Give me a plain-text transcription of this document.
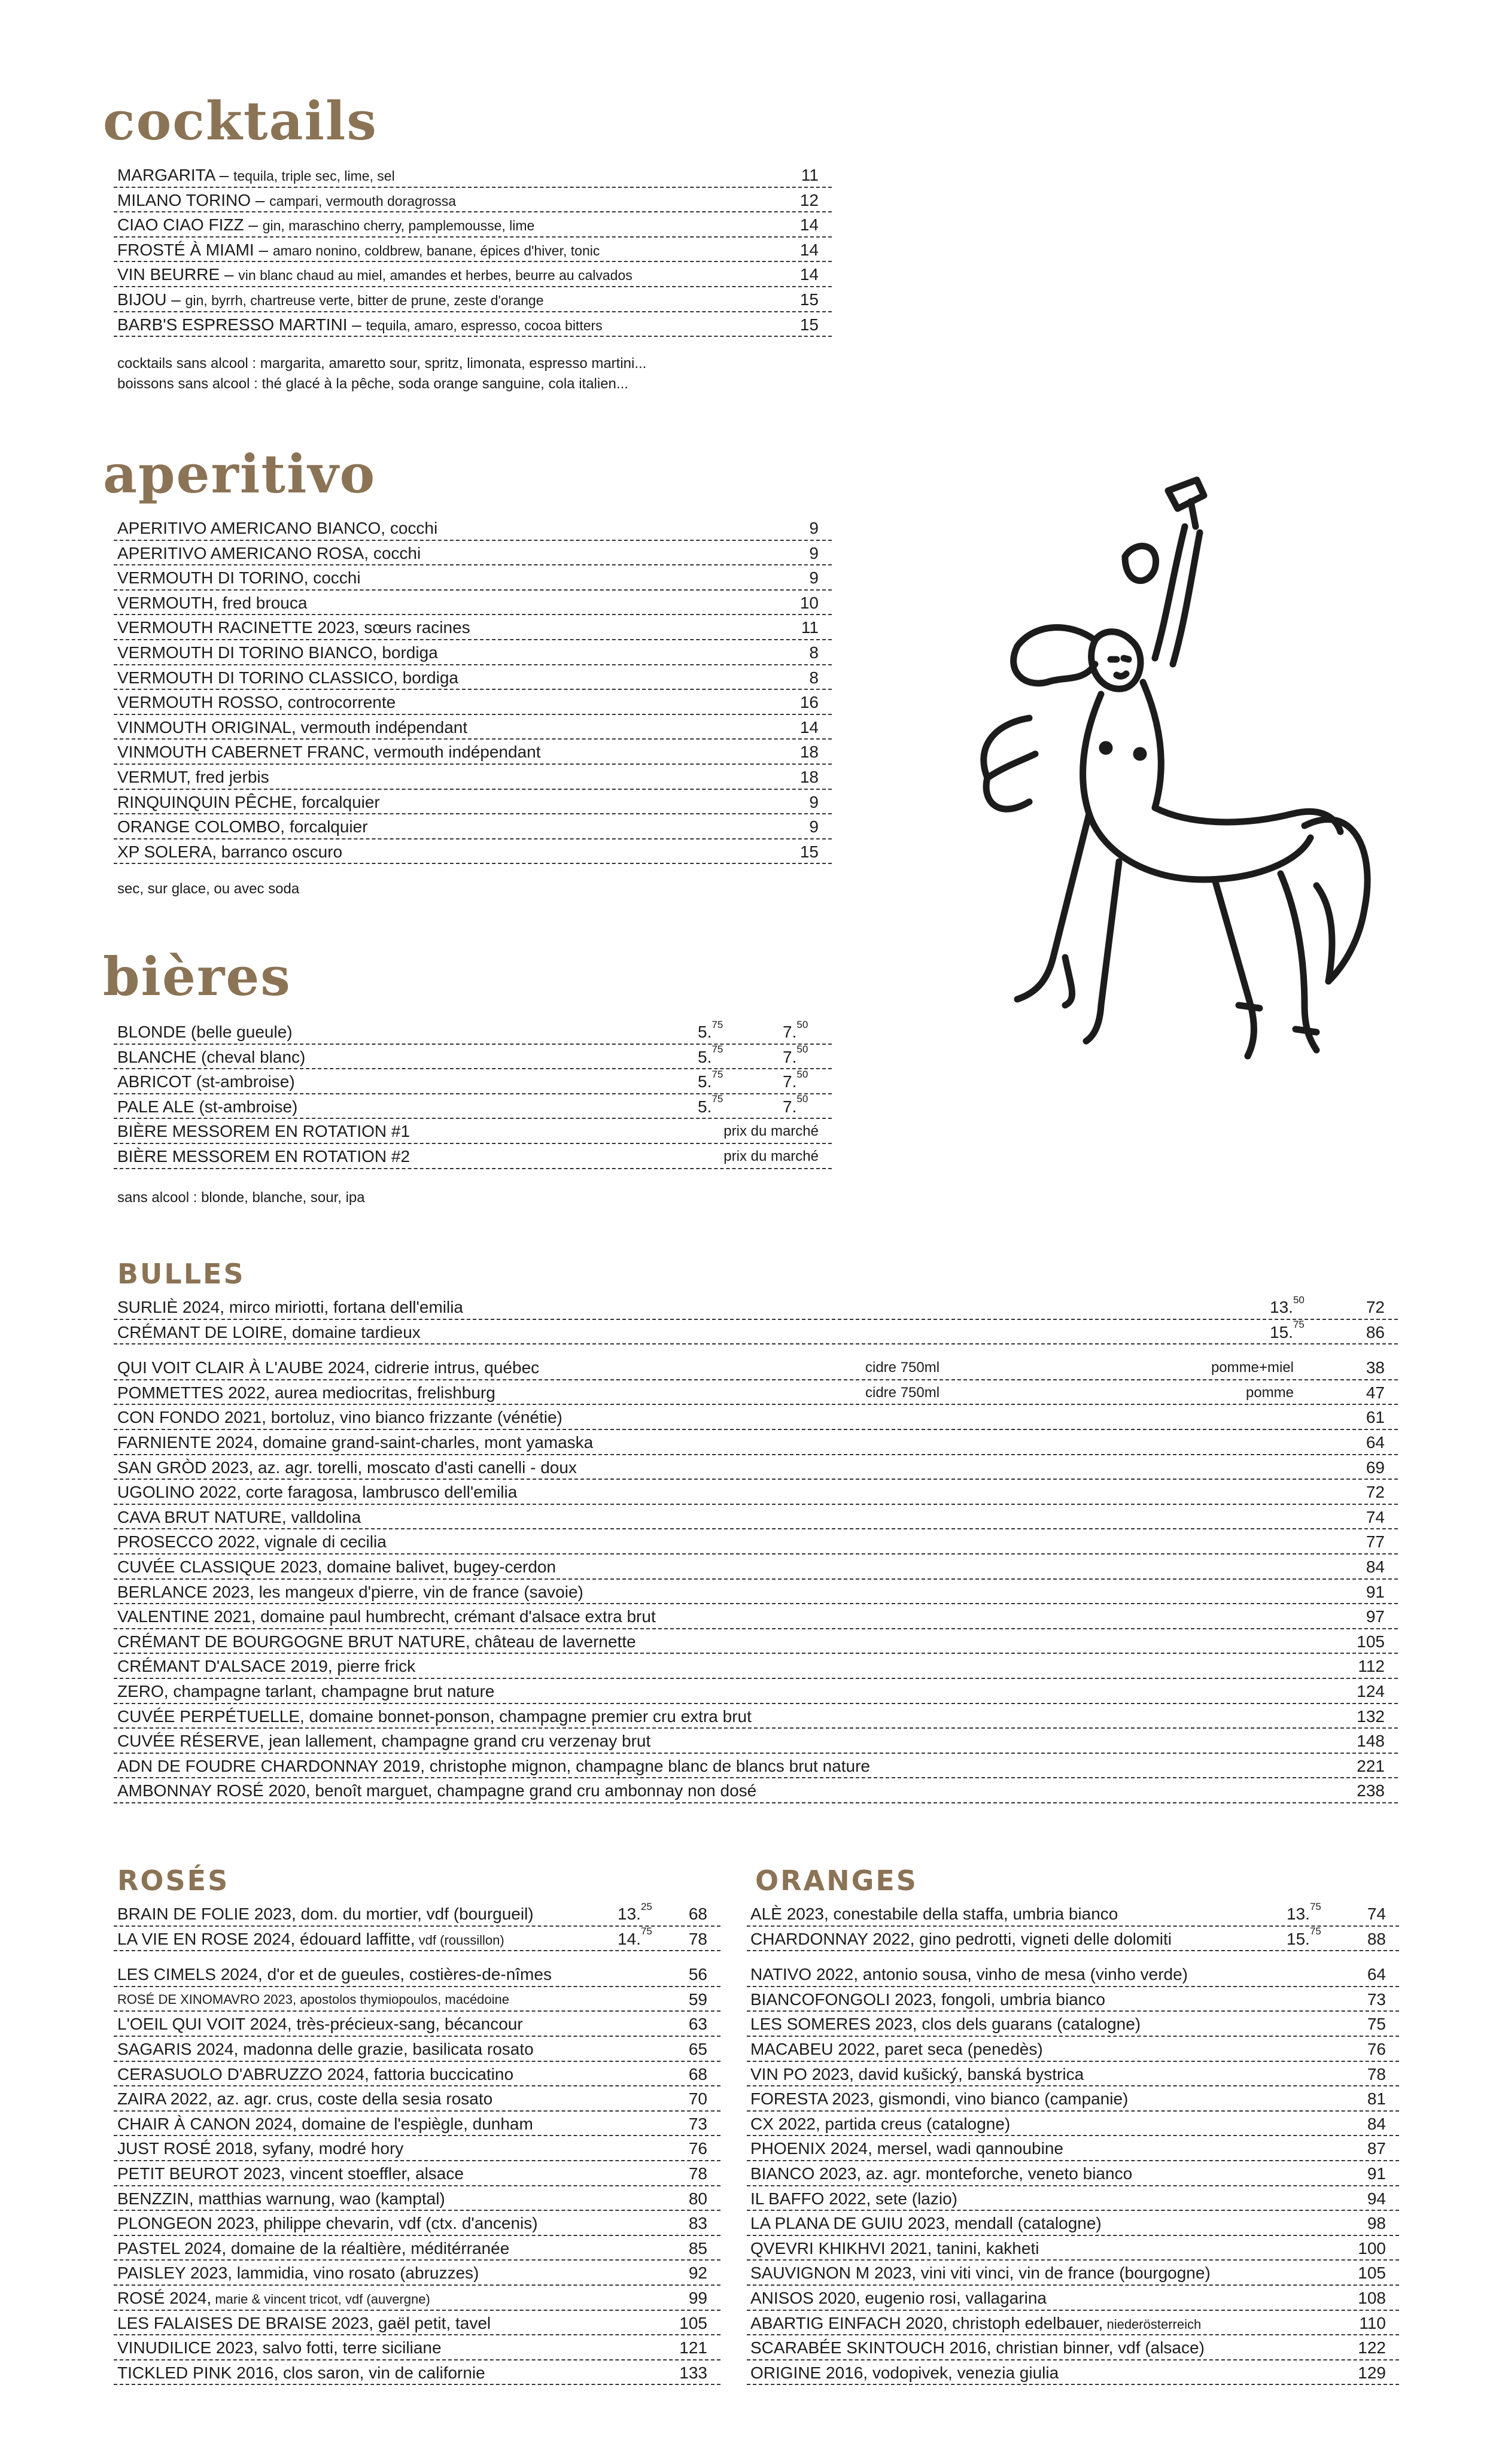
cocktails
MARGARITA – tequila, triple sec, lime, sel	11
MILANO TORINO – campari, vermouth doragrossa	12
CIAO CIAO FIZZ – gin, maraschino cherry, pamplemousse, lime	14
FROSTÉ À MIAMI – amaro nonino, coldbrew, banane, épices d'hiver, tonic	14
VIN BEURRE – vin blanc chaud au miel, amandes et herbes, beurre au calvados	14
BIJOU – gin, byrrh, chartreuse verte, bitter de prune, zeste d'orange	15
BARB'S ESPRESSO MARTINI – tequila, amaro, espresso, cocoa bitters	15
cocktails sans alcool : margarita, amaretto sour, spritz, limonata, espresso martini...
boissons sans alcool : thé glacé à la pêche, soda orange sanguine, cola italien...
aperitivo
APERITIVO AMERICANO BIANCO, cocchi	9
APERITIVO AMERICANO ROSA, cocchi	9
VERMOUTH DI TORINO, cocchi	9
VERMOUTH, fred brouca	10
VERMOUTH RACINETTE 2023, sœurs racines	11
VERMOUTH DI TORINO BIANCO, bordiga	8
VERMOUTH DI TORINO CLASSICO, bordiga	8
VERMOUTH ROSSO, controcorrente	16
VINMOUTH ORIGINAL, vermouth indépendant	14
VINMOUTH CABERNET FRANC, vermouth indépendant	18
VERMUT, fred jerbis	18
RINQUINQUIN PÊCHE, forcalquier	9
ORANGE COLOMBO, forcalquier	9
XP SOLERA, barranco oscuro	15
sec, sur glace, ou avec soda
bières
BLONDE (belle gueule)	5.75	7.50
BLANCHE (cheval blanc)	5.75	7.50
ABRICOT (st-ambroise)	5.75	7.50
PALE ALE (st-ambroise)	5.75	7.50
BIÈRE MESSOREM EN ROTATION #1	prix du marché
BIÈRE MESSOREM EN ROTATION #2	prix du marché
sans alcool : blonde, blanche, sour, ipa
BULLES
SURLIÈ 2024, mirco miriotti, fortana dell'emilia	13.50	72
CRÉMANT DE LOIRE, domaine tardieux	15.75	86
QUI VOIT CLAIR À L'AUBE 2024, cidrerie intrus, québec	cidre 750ml	pomme+miel	38
POMMETTES 2022, aurea mediocritas, frelishburg	cidre 750ml	pomme	47
CON FONDO 2021, bortoluz, vino bianco frizzante (vénétie)	61
FARNIENTE 2024, domaine grand-saint-charles, mont yamaska	64
SAN GRÒD 2023, az. agr. torelli, moscato d'asti canelli - doux	69
UGOLINO 2022, corte faragosa, lambrusco dell'emilia	72
CAVA BRUT NATURE, valldolina	74
PROSECCO 2022, vignale di cecilia	77
CUVÉE CLASSIQUE 2023, domaine balivet, bugey-cerdon	84
BERLANCE 2023, les mangeux d'pierre, vin de france (savoie)	91
VALENTINE 2021, domaine paul humbrecht, crémant d'alsace extra brut	97
CRÉMANT DE BOURGOGNE BRUT NATURE, château de lavernette	105
CRÉMANT D'ALSACE 2019, pierre frick	112
ZERO, champagne tarlant, champagne brut nature	124
CUVÉE PERPÉTUELLE, domaine bonnet-ponson, champagne premier cru extra brut	132
CUVÉE RÉSERVE, jean lallement, champagne grand cru verzenay brut	148
ADN DE FOUDRE CHARDONNAY 2019, christophe mignon, champagne blanc de blancs brut nature	221
AMBONNAY ROSÉ 2020, benoît marguet, champagne grand cru ambonnay non dosé	238
ROSÉS
BRAIN DE FOLIE 2023, dom. du mortier, vdf (bourgueil)	13.25 68
LA VIE EN ROSE 2024, édouard laffitte, vdf (roussillon)	14.75 78
LES CIMELS 2024, d'or et de gueules, costières-de-nîmes	56
ROSÉ DE XINOMAVRO 2023, apostolos thymiopoulos, macédoine	59
L'OEIL QUI VOIT 2024, très-précieux-sang, bécancour	63
SAGARIS 2024, madonna delle grazie, basilicata rosato	65
CERASUOLO D'ABRUZZO 2024, fattoria buccicatino	68
ZAIRA 2022, az. agr. crus, coste della sesia rosato	70
CHAIR À CANON 2024, domaine de l'espiègle, dunham	73
JUST ROSÉ 2018, syfany, modré hory	76
PETIT BEUROT 2023, vincent stoeffler, alsace	78
BENZZIN, matthias warnung, wao (kamptal)	80
PLONGEON 2023, philippe chevarin, vdf (ctx. d'ancenis)	83
PASTEL 2024, domaine de la réaltière, méditérranée	85
PAISLEY 2023, lammidia, vino rosato (abruzzes)	92
ROSÉ 2024, marie & vincent tricot, vdf (auvergne)	99
LES FALAISES DE BRAISE 2023, gaël petit, tavel	105
VINUDILICE 2023, salvo fotti, terre siciliane	121
TICKLED PINK 2016, clos saron, vin de californie	133
ORANGES
ALÈ 2023, conestabile della staffa, umbria bianco	13.75	74
CHARDONNAY 2022, gino pedrotti, vigneti delle dolomiti	15.75	88
NATIVO 2022, antonio sousa, vinho de mesa (vinho verde)	64
BIANCOFONGOLI 2023, fongoli, umbria bianco	73
LES SOMERES 2023, clos dels guarans (catalogne)	75
MACABEU 2022, paret seca (penedès)	76
VIN PO 2023, david kušický, banská bystrica	78
FORESTA 2023, gismondi, vino bianco (campanie)	81
CX 2022, partida creus (catalogne)	84
PHOENIX 2024, mersel, wadi qannoubine	87
BIANCO 2023, az. agr. monteforche, veneto bianco	91
IL BAFFO 2022, sete (lazio)	94
LA PLANA DE GUIU 2023, mendall (catalogne)	98
QVEVRI KHIKHVI 2021, tanini, kakheti	100
SAUVIGNON M 2023, vini viti vinci, vin de france (bourgogne)	105
ANISOS 2020, eugenio rosi, vallagarina	108
ABARTIG EINFACH 2020, christoph edelbauer, niederösterreich	110
SCARABÉE SKINTOUCH 2016, christian binner, vdf (alsace)	122
ORIGINE 2016, vodopivek, venezia giulia	129
